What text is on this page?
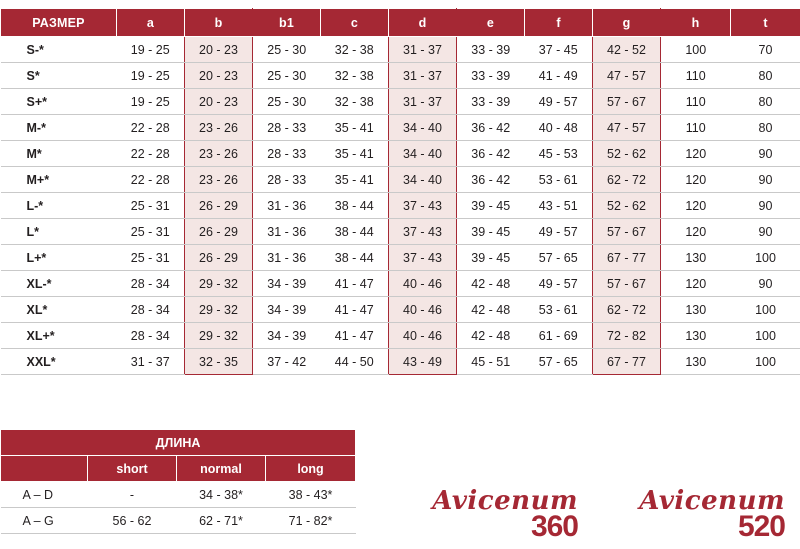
РАЗМЕР	a	b	b1	c	d	e	f	g	h	t
S-*	19 - 25	20 - 23	25 - 30	32 - 38	31 - 37	33 - 39	37 - 45	42 - 52	100	70
S*	19 - 25	20 - 23	25 - 30	32 - 38	31 - 37	33 - 39	41 - 49	47 - 57	110	80
S+*	19 - 25	20 - 23	25 - 30	32 - 38	31 - 37	33 - 39	49 - 57	57 - 67	110	80
M-*	22 - 28	23 - 26	28 - 33	35 - 41	34 - 40	36 - 42	40 - 48	47 - 57	110	80
M*	22 - 28	23 - 26	28 - 33	35 - 41	34 - 40	36 - 42	45 - 53	52 - 62	120	90
M+*	22 - 28	23 - 26	28 - 33	35 - 41	34 - 40	36 - 42	53 - 61	62 - 72	120	90
L-*	25 - 31	26 - 29	31 - 36	38 - 44	37 - 43	39 - 45	43 - 51	52 - 62	120	90
L*	25 - 31	26 - 29	31 - 36	38 - 44	37 - 43	39 - 45	49 - 57	57 - 67	120	90
L+*	25 - 31	26 - 29	31 - 36	38 - 44	37 - 43	39 - 45	57 - 65	67 - 77	130	100
XL-*	28 - 34	29 - 32	34 - 39	41 - 47	40 - 46	42 - 48	49 - 57	57 - 67	120	90
XL*	28 - 34	29 - 32	34 - 39	41 - 47	40 - 46	42 - 48	53 - 61	62 - 72	130	100
XL+*	28 - 34	29 - 32	34 - 39	41 - 47	40 - 46	42 - 48	61 - 69	72 - 82	130	100
XXL*	31 - 37	32 - 35	37 - 42	44 - 50	43 - 49	45 - 51	57 - 65	67 - 77	130	100
ДЛИНА			
	short	normal	long
A – D	-	34 - 38*	38 - 43*
A – G	56 - 62	62 - 71*	71 - 82*
Avicenum
360
Avicenum
520
